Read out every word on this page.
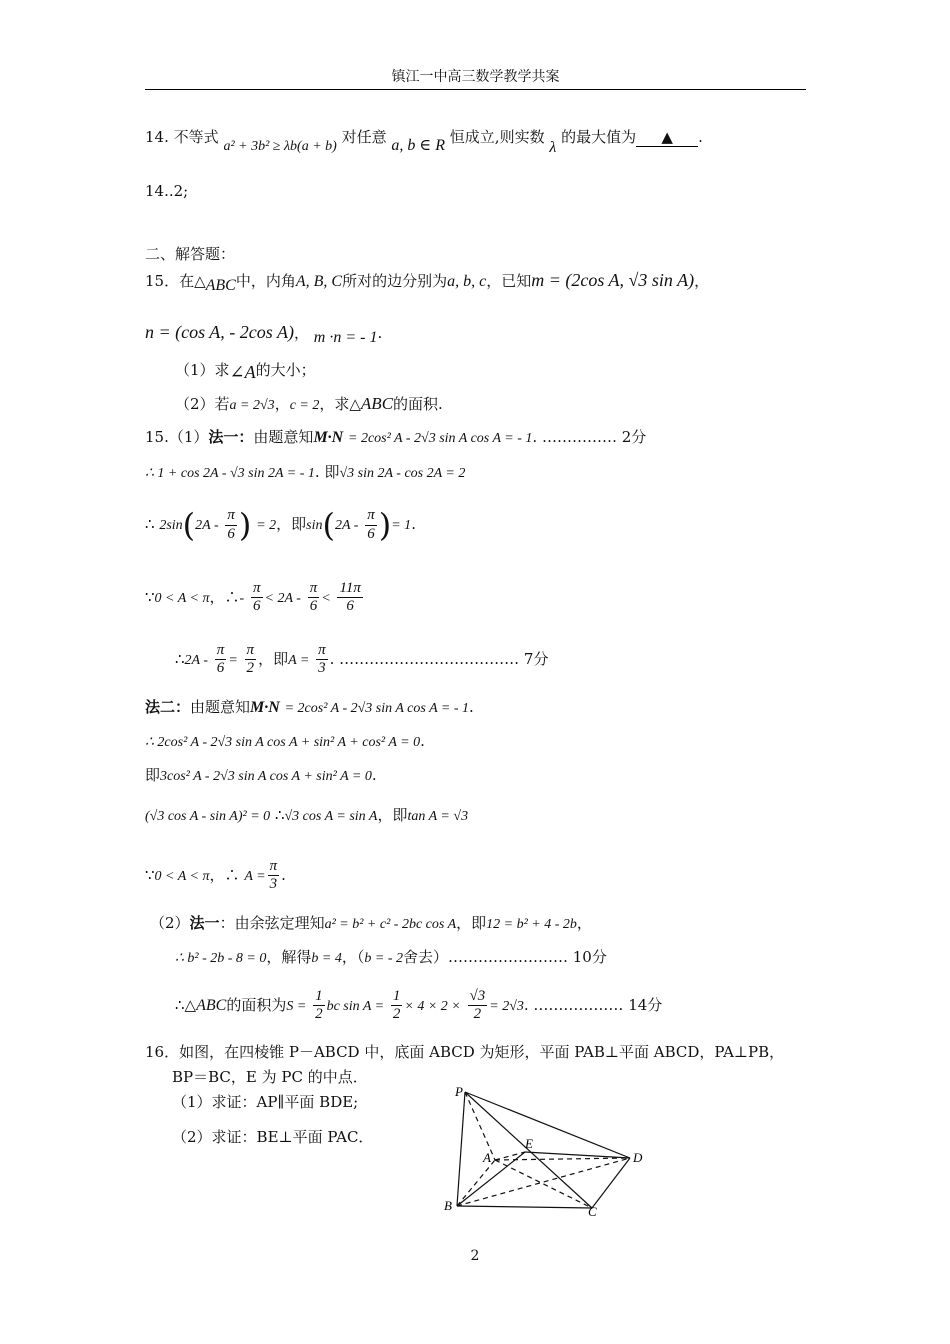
镇江一中高三数学教学共案
14. 不等式 a² + 3b² ≥ λb(a + b) 对任意 a, b ∈ R 恒成立,则实数 λ 的最大值为 ▲ .
14..2;
二、解答题：
15．在△ABC中，内角A, B, C所对的边分别为a, b, c，已知m = (2cos A, √3 sin A)，
n = (cos A, - 2cos A)， m ·n = - 1.
（1）求∠A的大小；
（2）若a = 2√3，c = 2，求△ABC的面积.
15.（1）法一：由题意知M·N = 2cos² A - 2√3 sin A cos A = - 1. …………… 2分
∴ 1 + cos 2A - √3 sin 2A = - 1. 即√3 sin 2A - cos 2A = 2
∴ $2\sin(2A - \frac{\pi}{6}$ ) = 2，即$\sin(2A - \frac{\pi}{6}$ )= 1.
∵0 < A < π，∴- $\frac{\pi}{6} < 2A - \frac{\pi}{6} < \frac{11\pi}{6}$
∴2A - $\frac{\pi}{6} = \frac{\pi}{2}$ ，即$A = \frac{\pi}{3}$ . ……………………………… 7分
法二：由题意知M·N = 2cos² A - 2√3 sin A cos A = - 1.
∴ 2cos² A - 2√3 sin A cos A + sin² A + cos² A = 0.
即3cos² A - 2√3 sin A cos A + sin² A = 0.
(√3 cos A - sin A)² = 0 ∴√3 cos A = sin A，即tan A = √3
∵0 < A < π，∴ $A = \frac{\pi}{3}$ .
（2）法一：由余弦定理知a² = b² + c² - 2bc cos A，即12 = b² + 4 - 2b，
∴ b² - 2b - 8 = 0，解得b = 4，（b = - 2舍去）…………………… 10分
∴△ABC的面积为$S = \frac{1}{2}$ bc $\sin A = \frac{1}{2} \times 4 \times 2 \times \frac{√3}{2} = 2√3$. ……………… 14分
16．如图，在四棱锥 P－ABCD 中，底面 ABCD 为矩形，平面 PAB⊥平面 ABCD，PA⊥PB，
BP＝BC，E 为 PC 的中点．
（1）求证：AP∥平面 BDE;
（2）求证：BE⊥平面 PAC．
P
A
E
D
B	C
2
